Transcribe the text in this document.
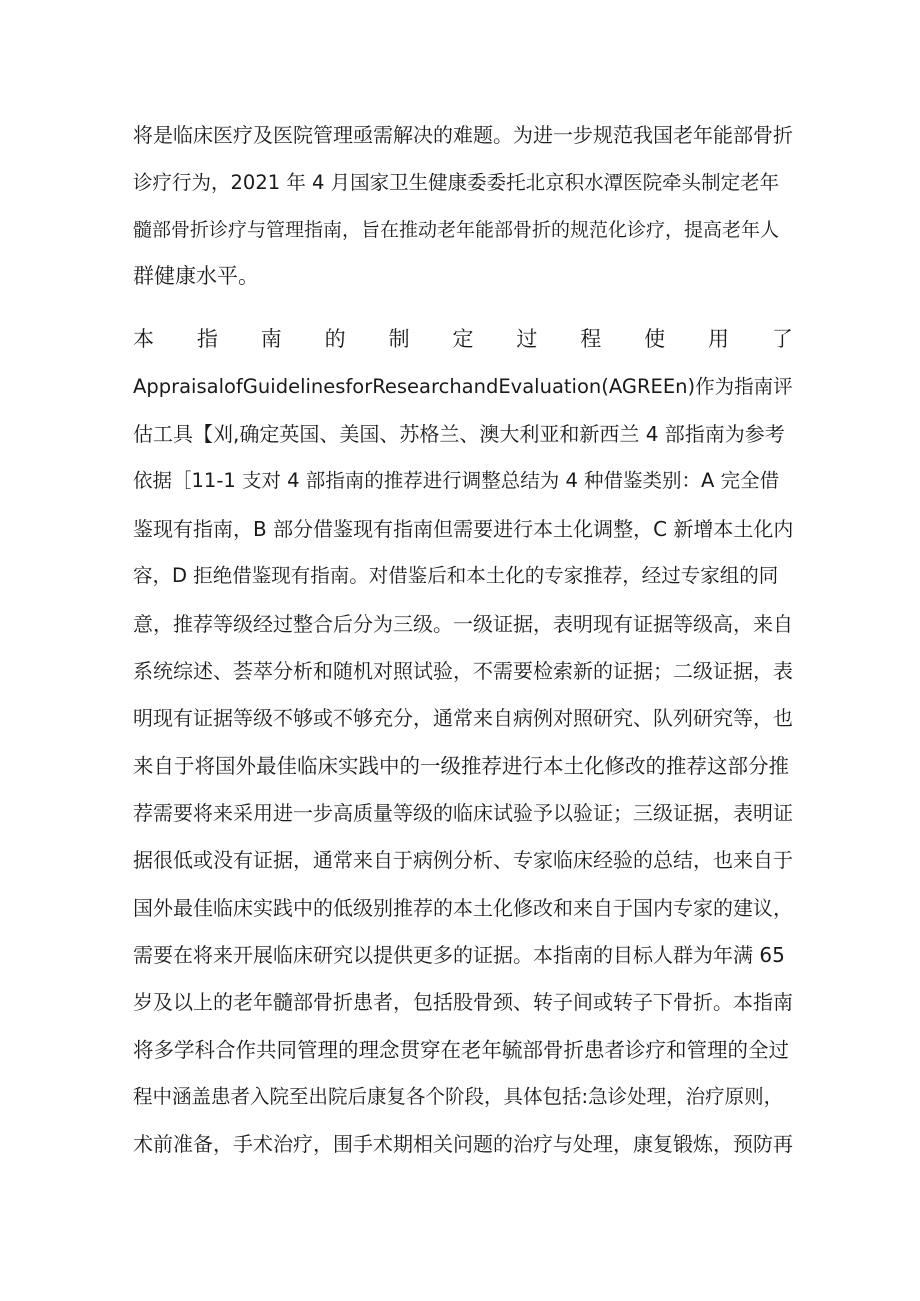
将是临床医疗及医院管理亟需解决的难题。为进一步规范我国老年能部骨折
诊疗行为，2021 年 4 月国家卫生健康委委托北京积水潭医院牵头制定老年
髓部骨折诊疗与管理指南，旨在推动老年能部骨折的规范化诊疗，提高老年人
群健康水平。
本 指 南 的 制 定 过 程 使 用 了
AppraisalofGuidelinesforResearchandEvaluation(AGREEn)作为指南评
估工具【刈,确定英国、美国、苏格兰、澳大利亚和新西兰 4 部指南为参考
依据［11-1 支对 4 部指南的推荐进行调整总结为 4 种借鉴类别：A 完全借
鉴现有指南，B 部分借鉴现有指南但需要进行本土化调整，C 新增本土化内
容，D 拒绝借鉴现有指南。对借鉴后和本土化的专家推荐，经过专家组的同
意，推荐等级经过整合后分为三级。一级证据，表明现有证据等级高，来自
系统综述、荟萃分析和随机对照试验，不需要检索新的证据；二级证据，表
明现有证据等级不够或不够充分，通常来自病例对照研究、队列研究等，也
来自于将国外最佳临床实践中的一级推荐进行本土化修改的推荐这部分推
荐需要将来采用进一步高质量等级的临床试验予以验证；三级证据，表明证
据很低或没有证据，通常来自于病例分析、专家临床经验的总结，也来自于
国外最佳临床实践中的低级别推荐的本土化修改和来自于国内专家的建议，
需要在将来开展临床研究以提供更多的证据。本指南的目标人群为年满 65
岁及以上的老年髓部骨折患者，包括股骨颈、转子间或转子下骨折。本指南
将多学科合作共同管理的理念贯穿在老年毓部骨折患者诊疗和管理的全过
程中涵盖患者入院至出院后康复各个阶段，具体包括:急诊处理，治疗原则，
术前准备，手术治疗，围手术期相关问题的治疗与处理，康复锻炼，预防再
